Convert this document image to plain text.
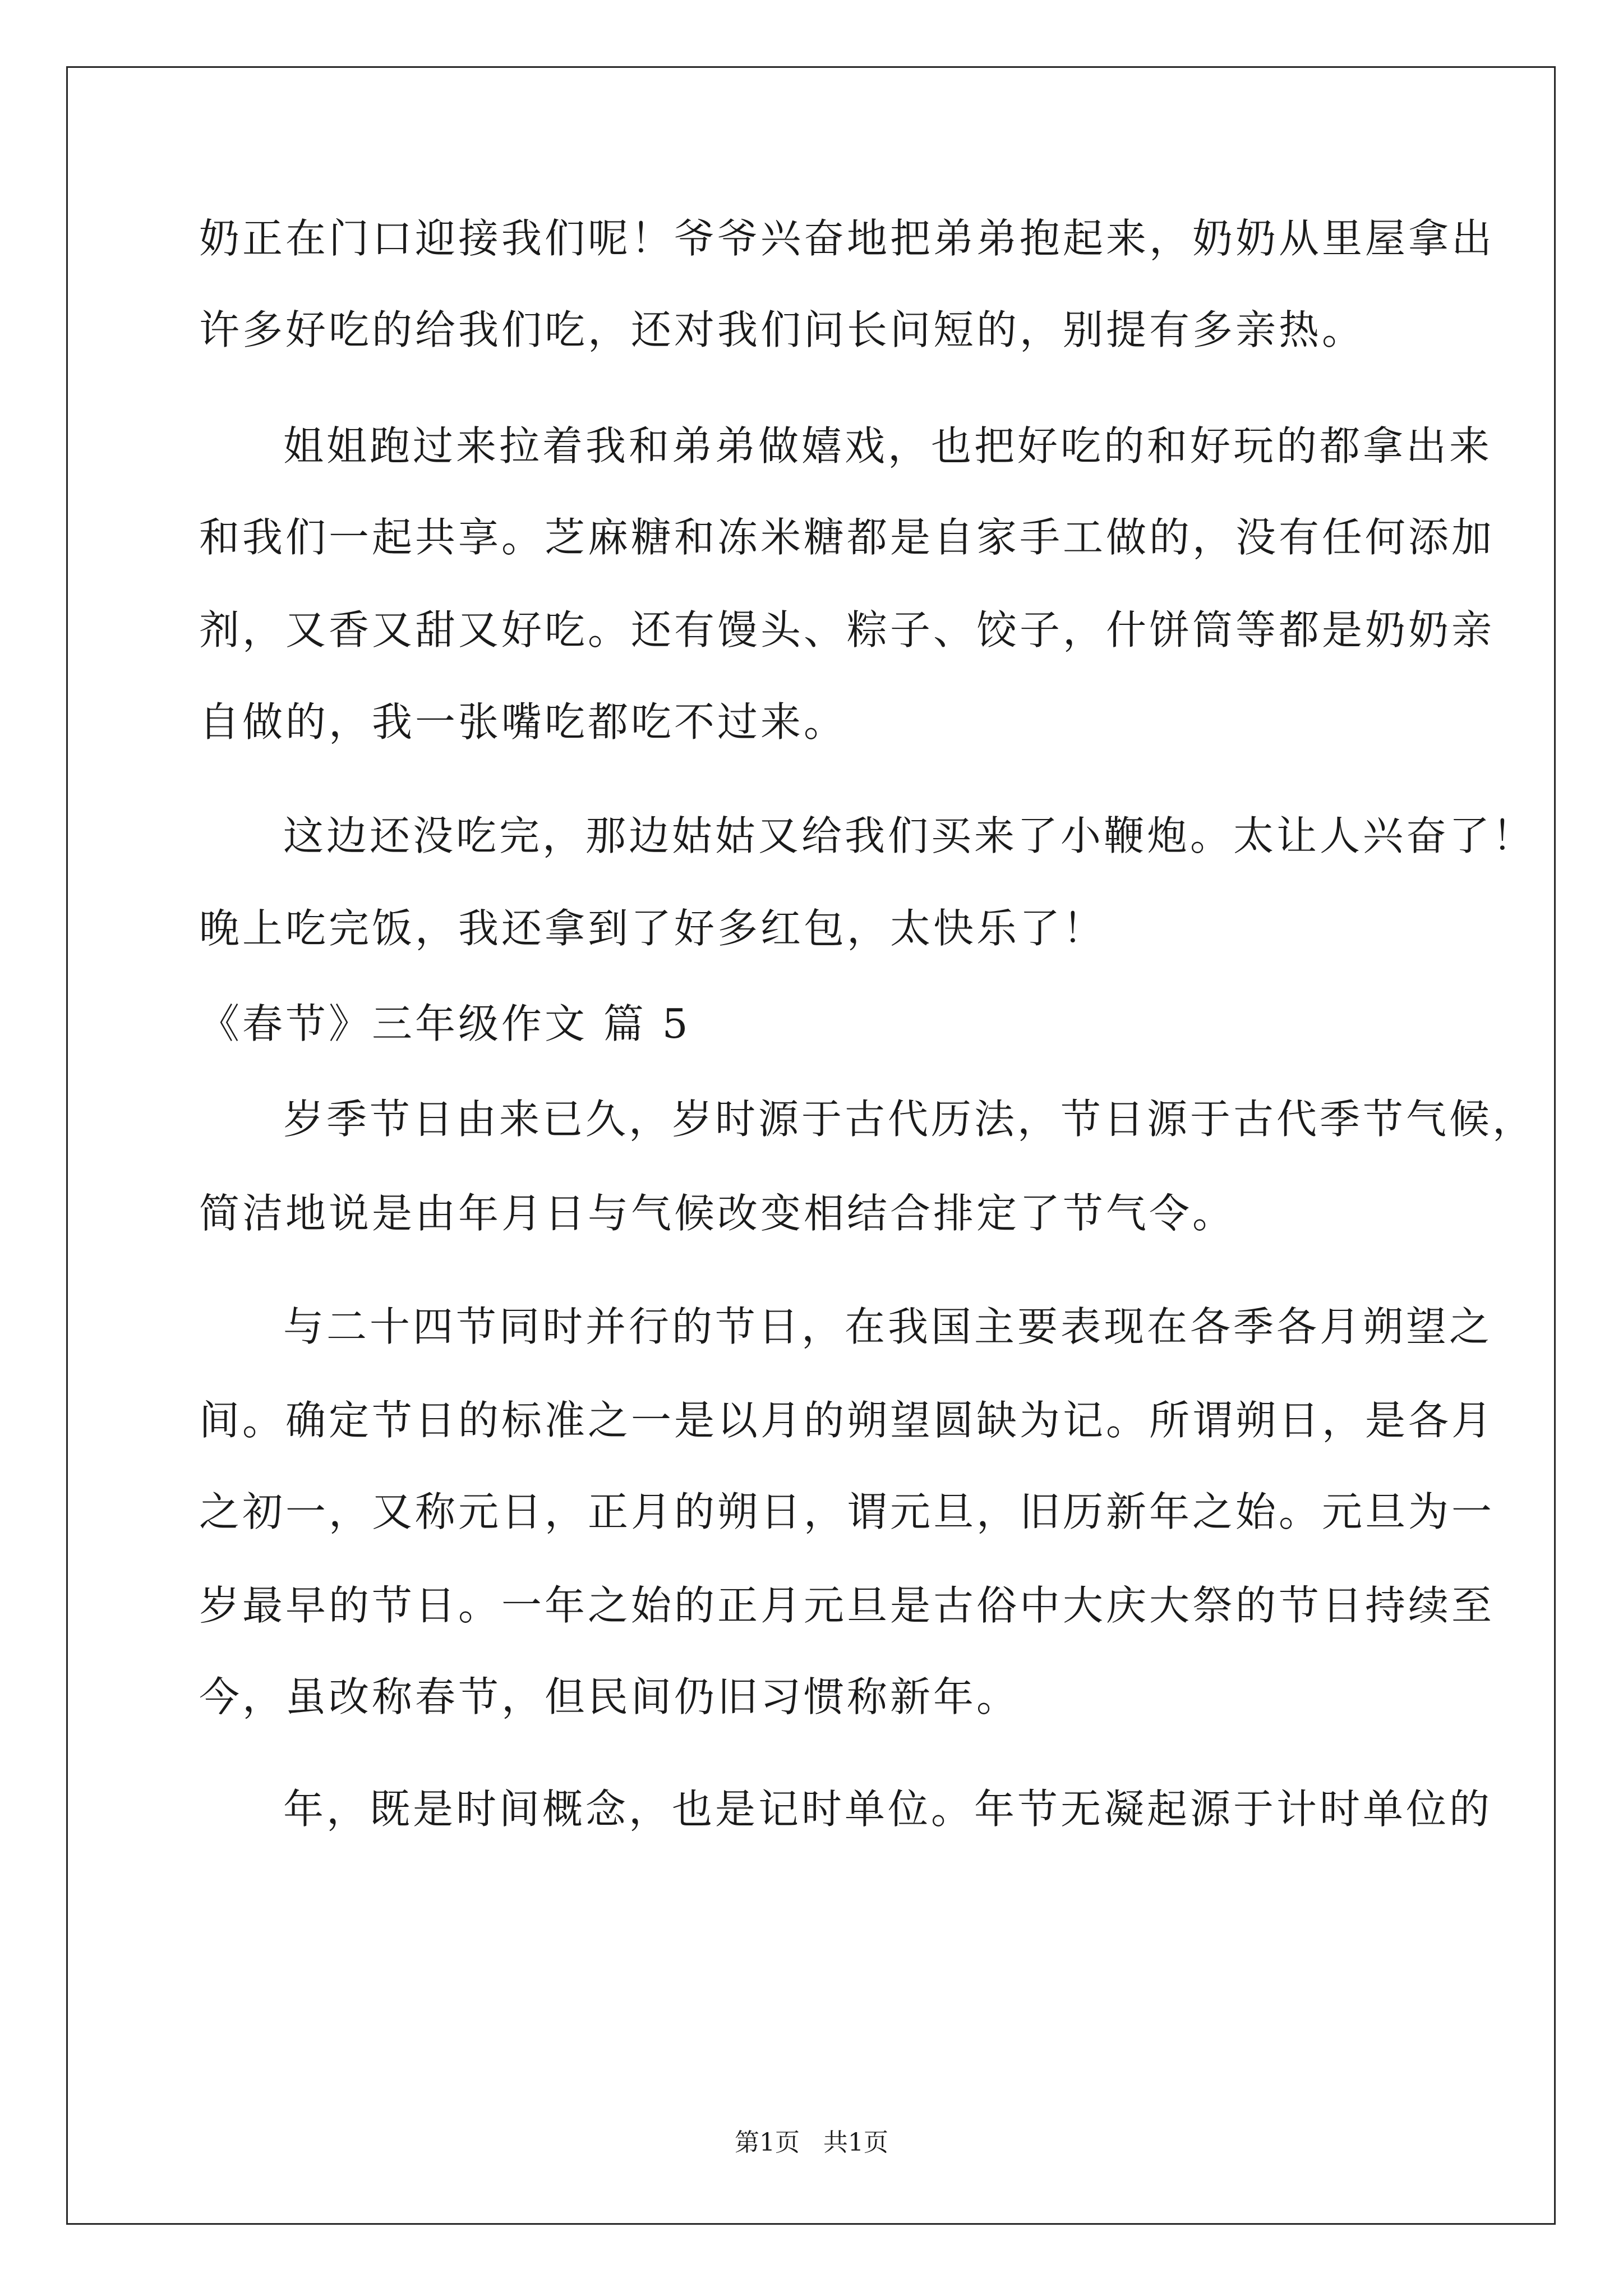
奶正在门口迎接我们呢！爷爷兴奋地把弟弟抱起来，奶奶从里屋拿出
许多好吃的给我们吃，还对我们问长问短的，别提有多亲热。
姐姐跑过来拉着我和弟弟做嬉戏，也把好吃的和好玩的都拿出来
和我们一起共享。芝麻糖和冻米糖都是自家手工做的，没有任何添加
剂，又香又甜又好吃。还有馒头、粽子、饺子，什饼筒等都是奶奶亲
自做的，我一张嘴吃都吃不过来。
这边还没吃完，那边姑姑又给我们买来了小鞭炮。太让人兴奋了！
晚上吃完饭，我还拿到了好多红包，太快乐了！
《春节》三年级作文 篇 5
岁季节日由来已久，岁时源于古代历法，节日源于古代季节气候，
简洁地说是由年月日与气候改变相结合排定了节气令。
与二十四节同时并行的节日，在我国主要表现在各季各月朔望之
间。确定节日的标准之一是以月的朔望圆缺为记。所谓朔日，是各月
之初一，又称元日，正月的朔日，谓元旦，旧历新年之始。元旦为一
岁最早的节日。一年之始的正月元旦是古俗中大庆大祭的节日持续至
今，虽改称春节，但民间仍旧习惯称新年。
年，既是时间概念，也是记时单位。年节无凝起源于计时单位的
第1页 共1页
